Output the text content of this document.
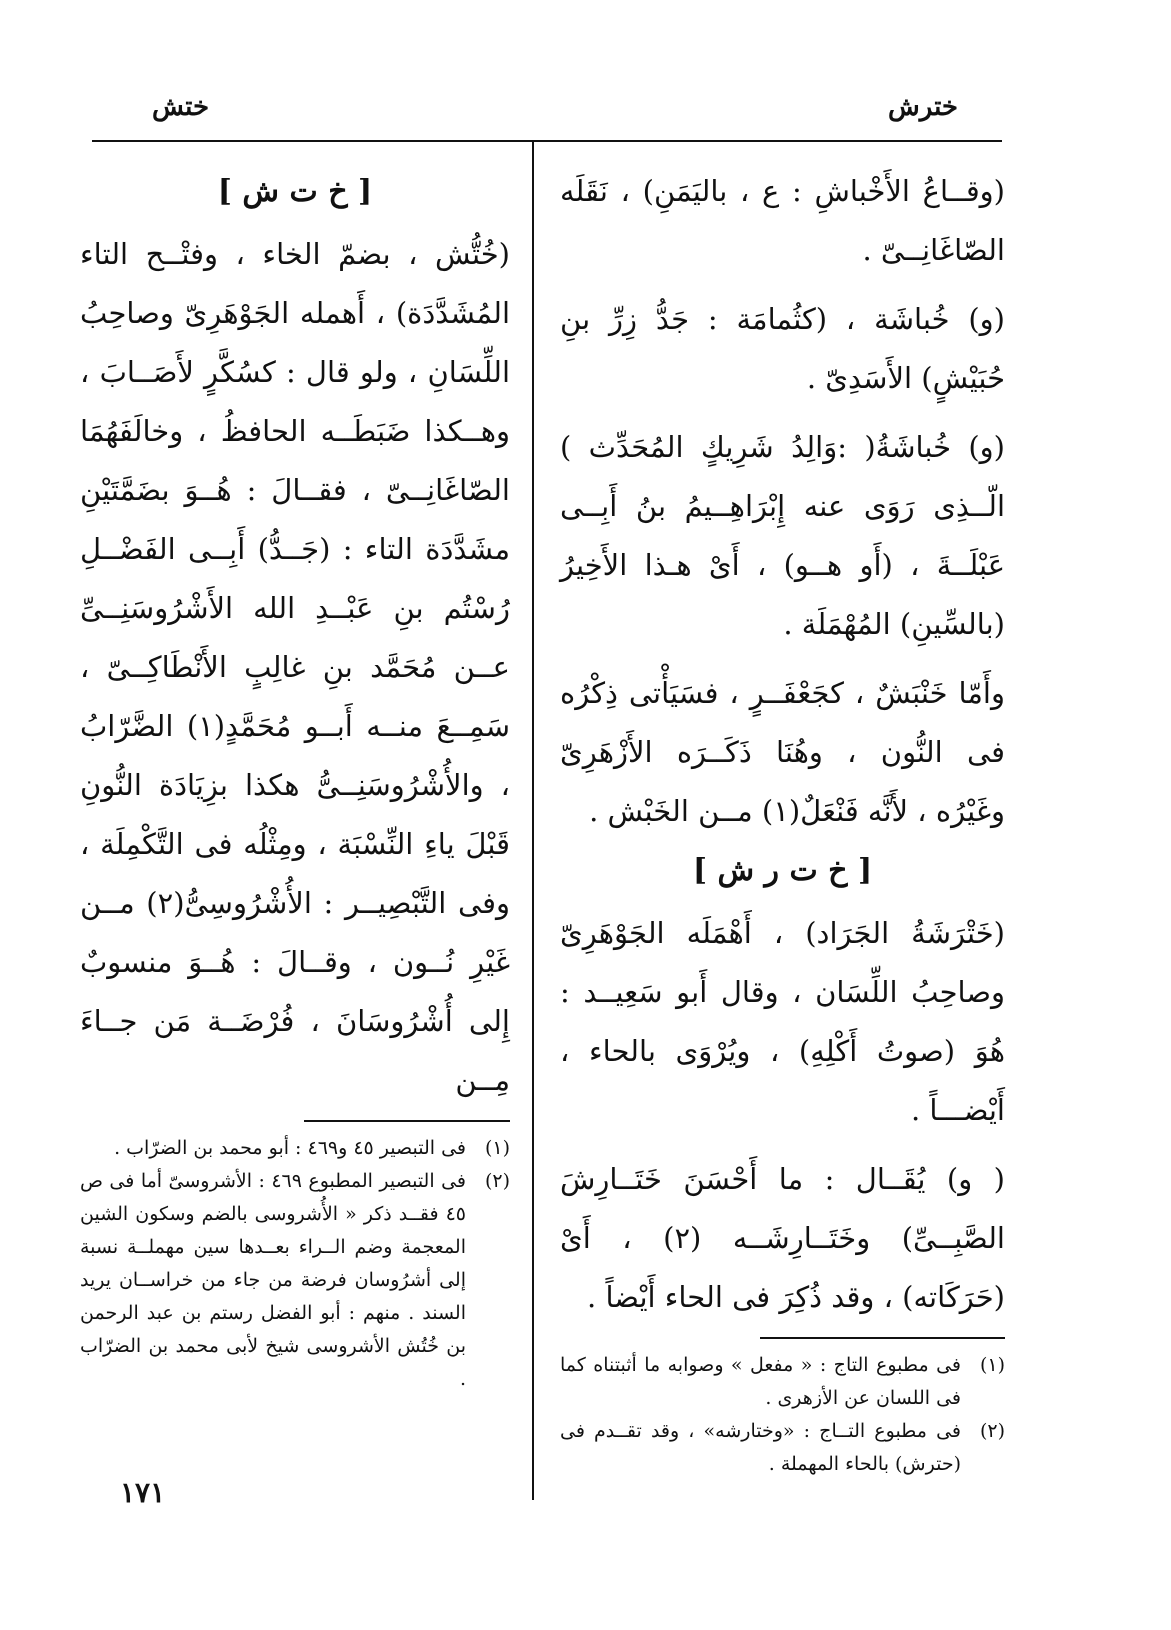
خترش
ختش

(وقــاعُ الأَخْباشِ : ع ، باليَمَنِ) ، نَقَلَه الصّاغَانِــىّ .

(و) خُباشَة ، (كثُمامَة : جَدُّ زِرِّ بنِ حُبَيْشٍ) الأَسَدِىّ .

(و) خُباشَةُ( :وَالِدُ شَرِيكٍ المُحَدِّث ) الّــذِى رَوَى عنه إِبْرَاهِــيمُ بنُ أَبِــى عَبْلَــةَ ، (أَو هــو) ، أَىْ هـذا الأَخِيرُ (بالسِّينِ) المُهْمَلَة .

وأَمّا خَنْبَشٌ ، كجَعْفَــرٍ ، فسَيَأْتى ذِكْرُه فى النُّون ، وهُنَا ذَكَــرَه الأَزْهَرِىّ وغَيْرُه ، لأَنَّه فَنْعَلٌ(١) مــن الخَبْش .

[ خ ت ر ش ]

(خَتْرَشَةُ الجَرَاد) ، أَهْمَلَه الجَوْهَرِىّ وصاحِبُ اللِّسَان ، وقال أَبو سَعِيــد : هُوَ (صوتُ أَكْلِهِ) ، ويُرْوَى بالحاء ، أَيْضـــاً .

( و) يُقَــال : ما أَحْسَنَ خَتَــارِشَ الصَّبِــىِّ) وخَتَــارِشَــه (٢) ، أَىْ (حَرَكَاته) ، وقد ذُكِرَ فى الحاء أَيْضاً .

(١)
فى مطبوع التاج : « مفعل » وصوابه ما أثبتناه كما فى اللسان عن الأزهرى .
(٢)
فى مطبوع التــاج : «وختارشه» ، وقد تقــدم فى (حترش) بالحاء المهملة .
[ خ ت ش ]

(خُتُّش ، بضمّ الخاء ، وفتْــح التاء المُشَدَّدَة) ، أَهمله الجَوْهَرِىّ وصاحِبُ اللِّسَانِ ، ولو قال : كسُكَّرٍ لأَصَــابَ ، وهــكذا ضَبَطَــه الحافظُ ، وخالَفَهُمَا الصّاغَانِــىّ ، فقــالَ : هُــوَ بضَمَّتَيْنِ مشَدَّدَة التاء : (جَــدُّ) أَبِــى الفَضْــلِ رُسْتُم بنِ عَبْــدِ الله الأَشْرُوسَنِــىِّ عــن مُحَمَّد بنِ غالِبٍ الأَنْطَاكِــىّ ، سَمِــعَ منــه أَبــو مُحَمَّدٍ(١) الضَّرّابُ ، والأُشْرُوسَنِــىُّ هكذا بزِيَادَة النُّونِ قَبْلَ ياءِ النِّسْبَة ، ومِثْلُه فى التَّكْمِلَة ، وفى التَّبْصِيــر : الأُشْرُوسِىُّ(٢) مــن غَيْرِ نُــون ، وقــالَ : هُــوَ منسوبٌ إِلى أُشْرُوسَانَ ، فُرْضَــة مَن جــاءَ مِــن

(١)
فى التبصير ٤٥ و٤٦٩ : أبو محمد بن الضرّاب .
(٢)
فى التبصير المطبوع ٤٦٩ : الأشروسىّ أما فى ص ٤٥ فقــد ذكر « الأُشروسى بالضم وسكون الشين المعجمة وضم الــراء بعــدها سين مهملــة نسبة إلى أشرُوسان فرضة من جاء من خراســان يريد السند . منهم : أبو الفضل رستم بن عبد الرحمن بن خُتُش الأشروسى شيخ لأبى محمد بن الضرّاب .
١٧١
